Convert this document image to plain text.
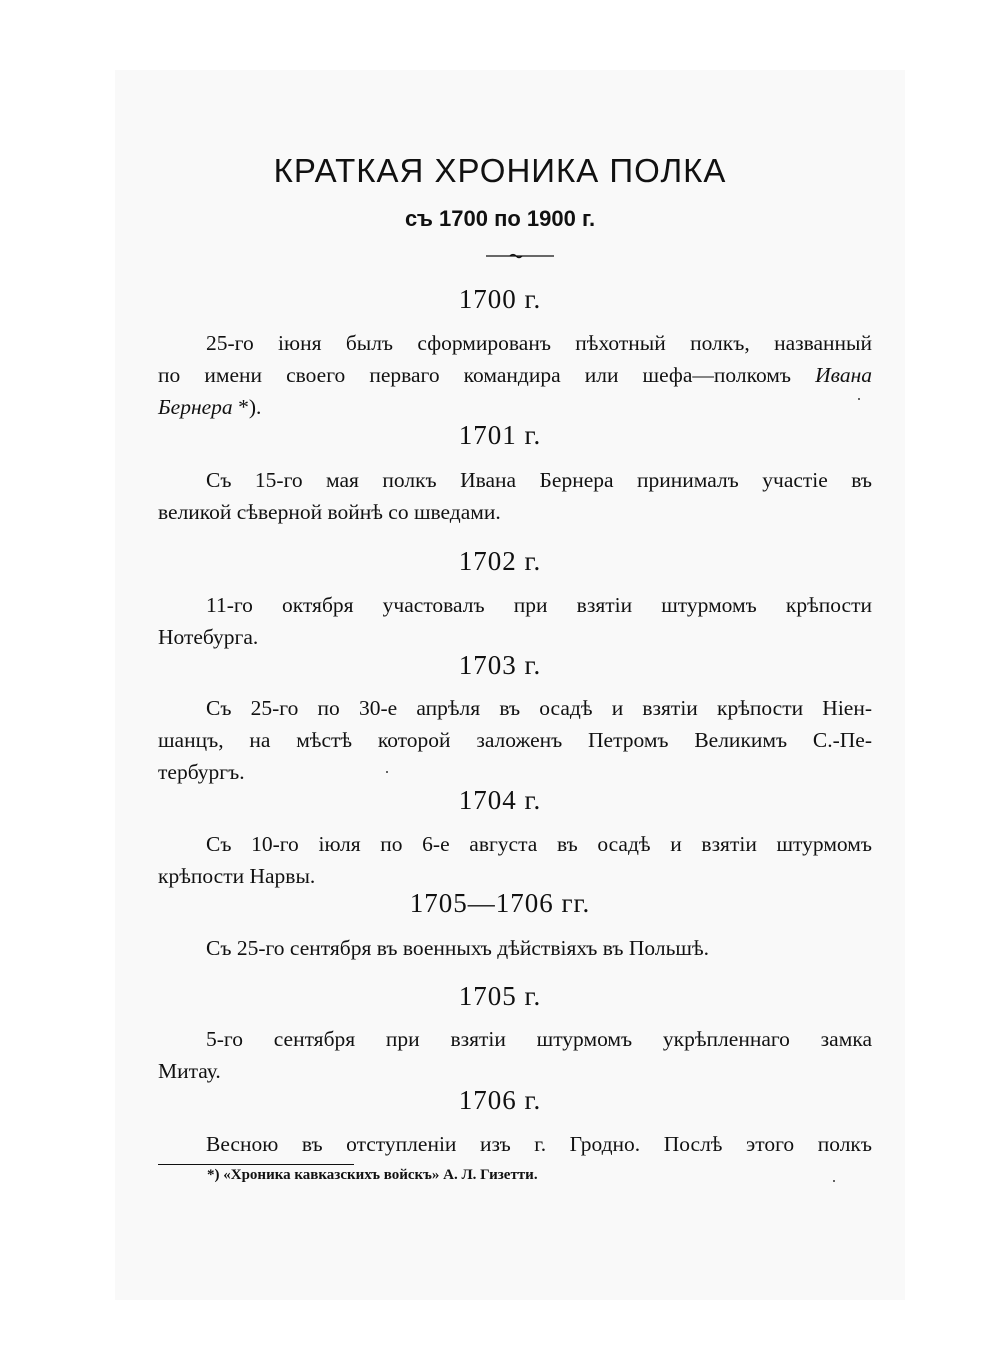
КРАТКАЯ ХРОНИКА ПОЛКА
съ 1700 по 1900 г.
1700 г.
25-го іюня былъ сформированъ пѣхотный полкъ, названный
по имени своего перваго командира или шефа—полкомъ Ивана
Бернера *).
1701 г.
Съ 15-го мая полкъ Ивана Бернера принималъ участіе въ
великой сѣверной войнѣ со шведами.
1702 г.
11-го октября участовалъ при взятіи штурмомъ крѣпости
Нотебурга.
1703 г.
Съ 25-го по 30-е апрѣля въ осадѣ и взятіи крѣпости Ніен-
шанцъ, на мѣстѣ которой заложенъ Петромъ Великимъ С.-Пе-
тербургъ.
1704 г.
Съ 10-го іюля по 6-е августа въ осадѣ и взятіи штурмомъ
крѣпости Нарвы.
1705—1706 гг.
Съ 25-го сентября въ военныхъ дѣйствіяхъ въ Польшѣ.
1705 г.
5-го сентября при взятіи штурмомъ укрѣпленнаго замка
Митау.
1706 г.
Весною въ отступленіи изъ г. Гродно. Послѣ этого полкъ
*) «Хроника кавказскихъ войскъ» А. Л. Гизетти.
